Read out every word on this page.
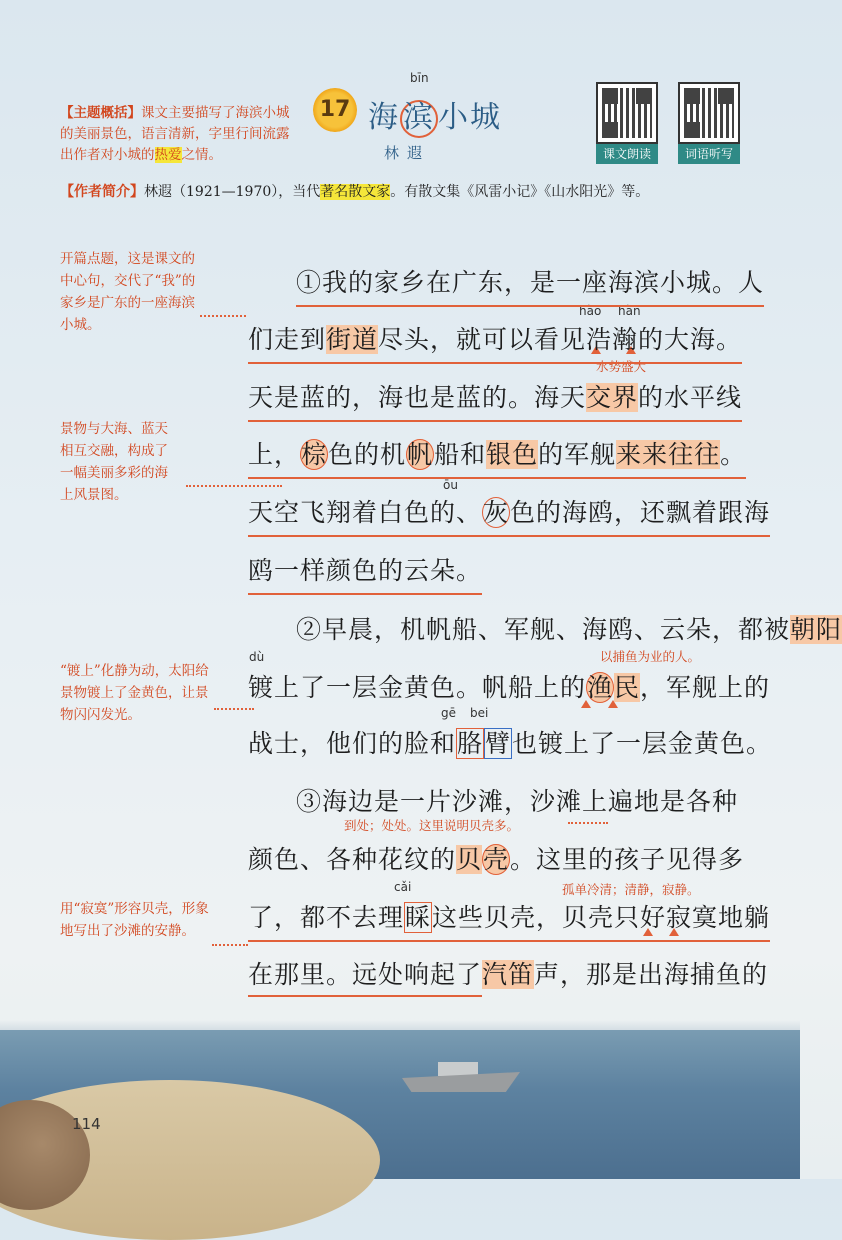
【主题概括】课文主要描写了海滨小城的美丽景色，语言清新，字里行间流露出作者对小城的热爱之情。
17
bīn
海 滨 小城
林遐	课文朗读	词语听写
【作者简介】林遐（1921—1970），当代著名散文家。有散文集《风雷小记》《山水阳光》等。
开篇点题，这是课文的中心句，交代了“我”的家乡是广东的一座海滨小城。
景物与大海、蓝天相互交融，构成了一幅美丽多彩的海上风景图。
“镀上”化静为动，太阳给景物镀上了金黄色，让景物闪闪发光。
用“寂寞”形容贝壳，形象地写出了沙滩的安静。
hào hàn
水势盛大
ōu
dù	以捕鱼为业的人。
gē bei
到处；处处。这里说明贝壳多。
cǎi	孤单冷清；清静，寂静。
①我的家乡在广东，是一座海滨小城。人
们走到街道尽头，就可以看见浩瀚的大海。
天是蓝的，海也是蓝的。海天交界的水平线
上，棕色的机帆船和银色的军舰来来往往。
天空飞翔着白色的、灰色的海鸥，还飘着跟海
鸥一样颜色的云朵。
②早晨，机帆船、军舰、海鸥、云朵，都被朝阳
镀上了一层金黄色。帆船上的渔民，军舰上的
战士，他们的脸和胳臂也镀上了一层金黄色。
③海边是一片沙滩，沙滩上遍地是各种
颜色、各种花纹的贝壳。这里的孩子见得多
了，都不去理睬这些贝壳，贝壳只好寂寞地躺
在那里。远处响起了汽笛声，那是出海捕鱼的
114
